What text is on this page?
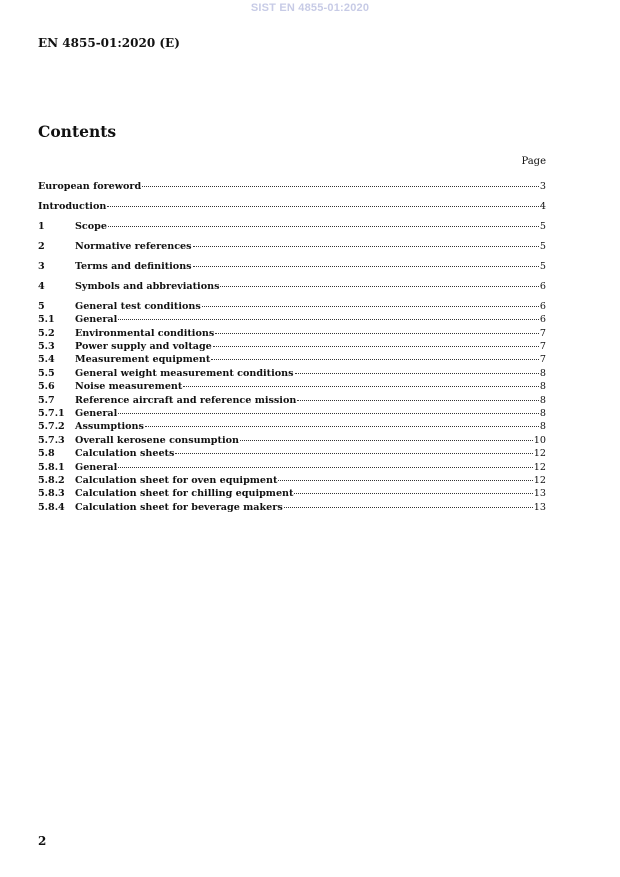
SIST EN 4855-01:2020
EN 4855-01:2020 (E)
Contents
Page
European foreword	3
Introduction	4
1	Scope	5
2	Normative references	5
3	Terms and definitions	5
4	Symbols and abbreviations	6
5	General test conditions	6
5.1	General	6
5.2	Environmental conditions	7
5.3	Power supply and voltage	7
5.4	Measurement equipment	7
5.5	General weight measurement conditions	8
5.6	Noise measurement	8
5.7	Reference aircraft and reference mission	8
5.7.1	General	8
5.7.2	Assumptions	8
5.7.3	Overall kerosene consumption	10
5.8	Calculation sheets	12
5.8.1	General	12
5.8.2	Calculation sheet for oven equipment	12
5.8.3	Calculation sheet for chilling equipment	13
5.8.4	Calculation sheet for beverage makers	13
2
